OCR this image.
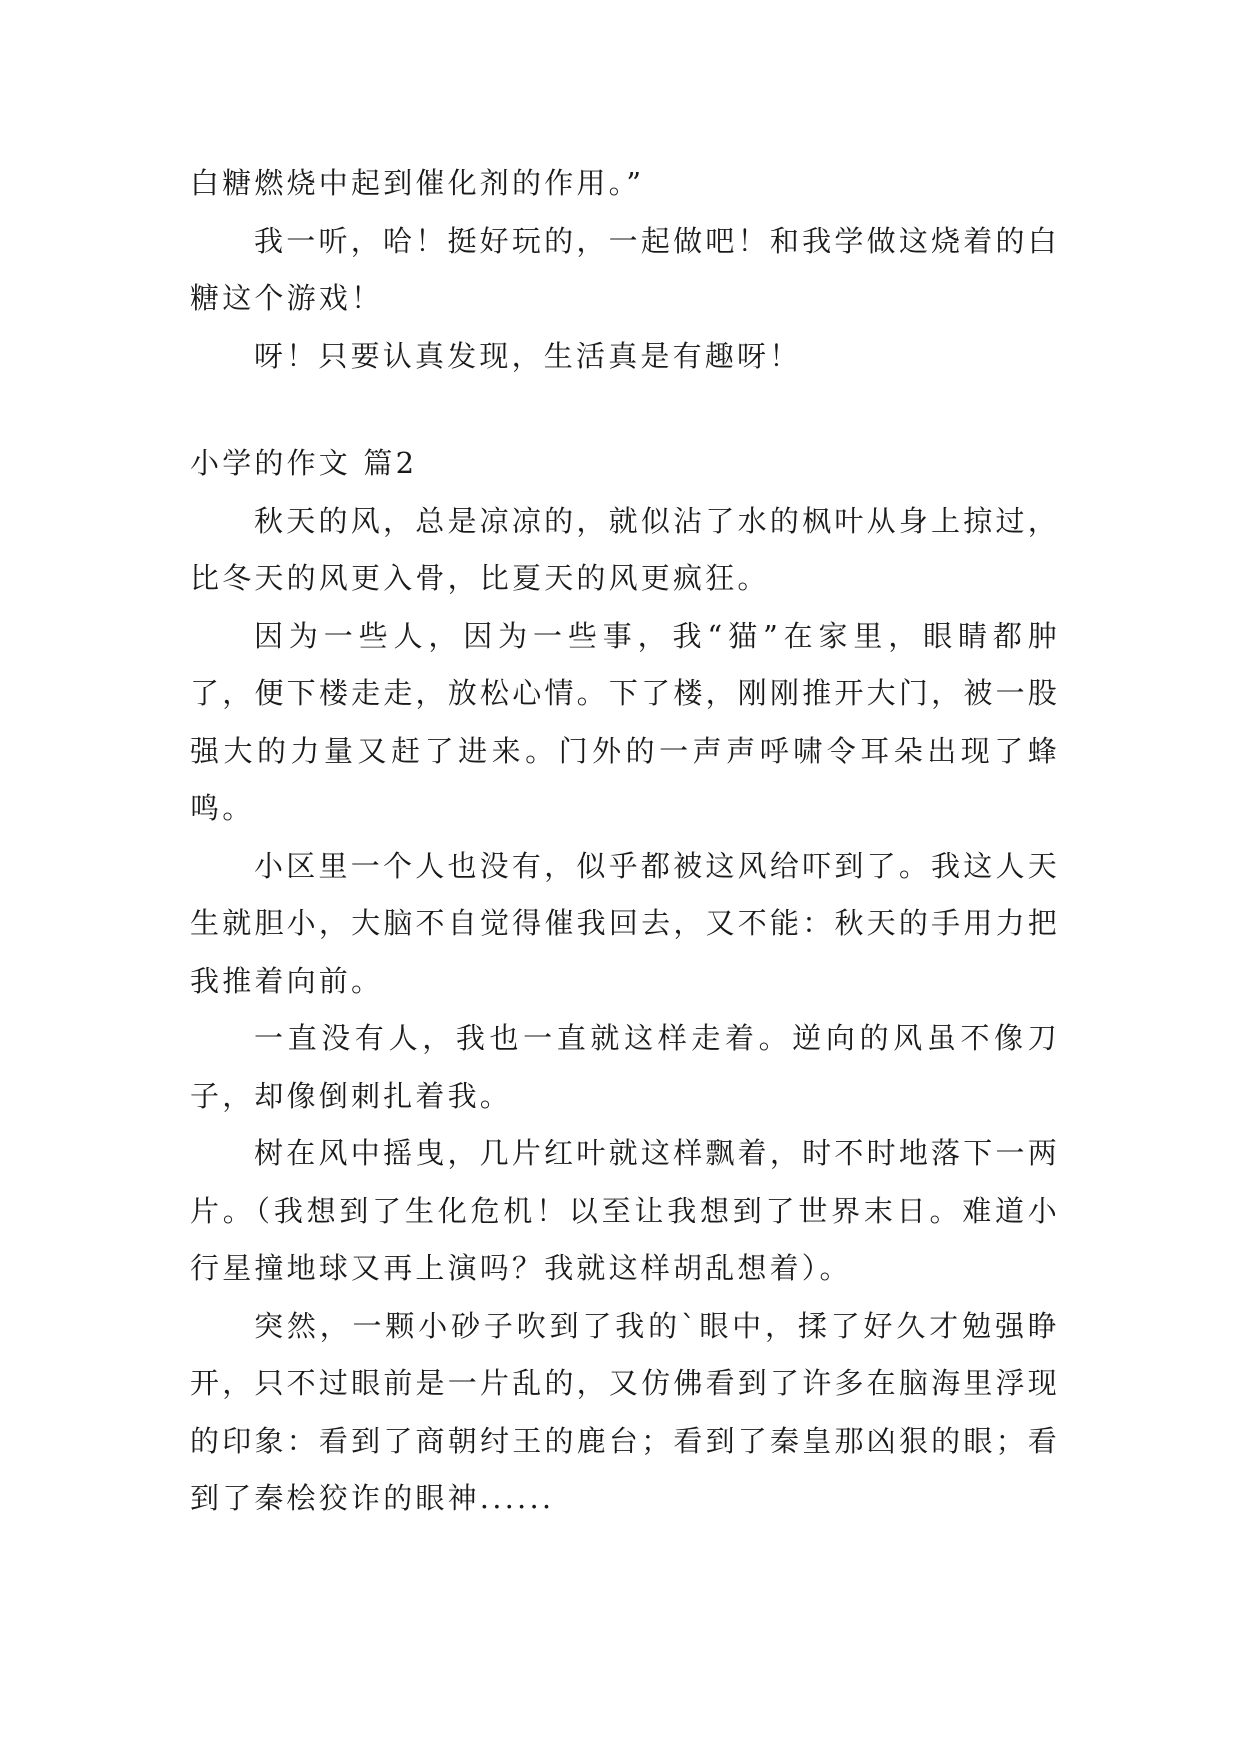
白糖燃烧中起到催化剂的作用。”

我一听，哈！挺好玩的，一起做吧！和我学做这烧着的白糖这个游戏！

呀！只要认真发现，生活真是有趣呀！

小学的作文 篇2

秋天的风，总是凉凉的，就似沾了水的枫叶从身上掠过，比冬天的风更入骨，比夏天的风更疯狂。

因为一些人，因为一些事，我“猫”在家里，眼睛都肿了，便下楼走走，放松心情。下了楼，刚刚推开大门，被一股强大的力量又赶了进来。门外的一声声呼啸令耳朵出现了蜂鸣。

小区里一个人也没有，似乎都被这风给吓到了。我这人天生就胆小，大脑不自觉得催我回去，又不能：秋天的手用力把我推着向前。

一直没有人，我也一直就这样走着。逆向的风虽不像刀子，却像倒刺扎着我。

树在风中摇曳，几片红叶就这样飘着，时不时地落下一两片。（我想到了生化危机！以至让我想到了世界末日。难道小行星撞地球又再上演吗？我就这样胡乱想着）。

突然，一颗小砂子吹到了我的`眼中，揉了好久才勉强睁开，只不过眼前是一片乱的，又仿佛看到了许多在脑海里浮现的印象：看到了商朝纣王的鹿台；看到了秦皇那凶狠的眼；看到了秦桧狡诈的眼神......
